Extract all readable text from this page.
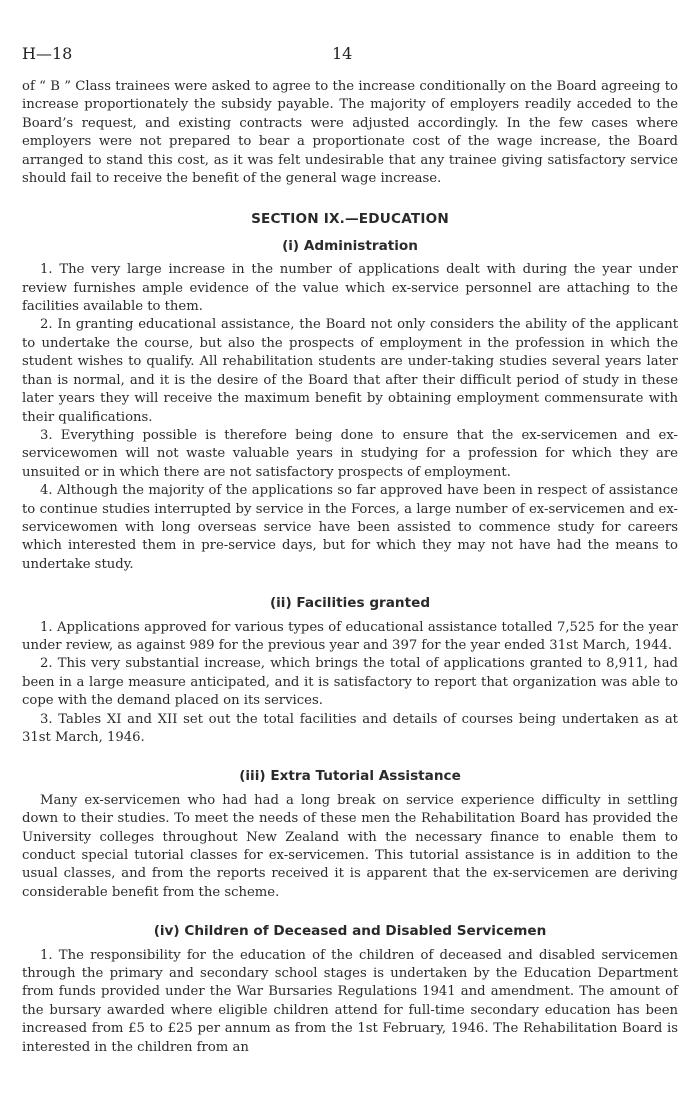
H—18	14

of “ B ” Class trainees were asked to agree to the increase conditionally on the Board agreeing to increase proportionately the subsidy payable. The majority of employers readily acceded to the Board’s request, and existing contracts were adjusted accordingly. In the few cases where employers were not prepared to bear a proportionate cost of the wage increase, the Board arranged to stand this cost, as it was felt undesirable that any trainee giving satisfactory service should fail to receive the benefit of the general wage increase.

SECTION IX.—EDUCATION
(i) Administration

1. The very large increase in the number of applications dealt with during the year under review furnishes ample evidence of the value which ex-service personnel are attaching to the facilities available to them.

2. In granting educational assistance, the Board not only considers the ability of the applicant to undertake the course, but also the prospects of employment in the profession in which the student wishes to qualify. All rehabilitation students are under-taking studies several years later than is normal, and it is the desire of the Board that after their difficult period of study in these later years they will receive the maximum benefit by obtaining employment commensurate with their qualifications.

3. Everything possible is therefore being done to ensure that the ex-servicemen and ex-servicewomen will not waste valuable years in studying for a profession for which they are unsuited or in which there are not satisfactory prospects of employment.

4. Although the majority of the applications so far approved have been in respect of assistance to continue studies interrupted by service in the Forces, a large number of ex-servicemen and ex-servicewomen with long overseas service have been assisted to commence study for careers which interested them in pre-service days, but for which they may not have had the means to undertake study.

(ii) Facilities granted

1. Applications approved for various types of educational assistance totalled 7,525 for the year under review, as against 989 for the previous year and 397 for the year ended 31st March, 1944.

2. This very substantial increase, which brings the total of applications granted to 8,911, had been in a large measure anticipated, and it is satisfactory to report that organization was able to cope with the demand placed on its services.

3. Tables XI and XII set out the total facilities and details of courses being undertaken as at 31st March, 1946.

(iii) Extra Tutorial Assistance

Many ex-servicemen who had had a long break on service experience difficulty in settling down to their studies. To meet the needs of these men the Rehabilitation Board has provided the University colleges throughout New Zealand with the necessary finance to enable them to conduct special tutorial classes for ex-servicemen. This tutorial assistance is in addition to the usual classes, and from the reports received it is apparent that the ex-servicemen are deriving considerable benefit from the scheme.

(iv) Children of Deceased and Disabled Servicemen

1. The responsibility for the education of the children of deceased and disabled servicemen through the primary and secondary school stages is undertaken by the Education Department from funds provided under the War Bursaries Regulations 1941 and amendment. The amount of the bursary awarded where eligible children attend for full-time secondary education has been increased from £5 to £25 per annum as from the 1st February, 1946. The Rehabilitation Board is interested in the children from an
